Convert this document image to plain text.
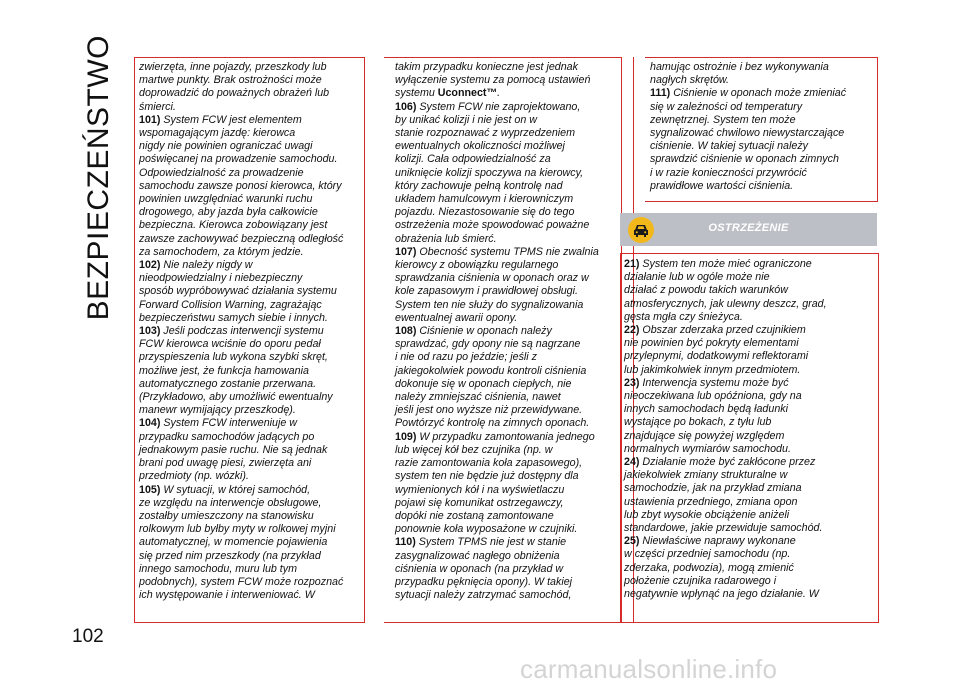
BEZPIECZEŃSTWO zwierzęta, inne pojazdy, przeszkody lub

martwe punkty. Brak ostrożności może

doprowadzić do poważnych obrażeń lub

śmierci.

101) System FCW jest elementem

wspomagającym jazdę: kierowca

nigdy nie powinien ograniczać uwagi

poświęcanej na prowadzenie samochodu.

Odpowiedzialność za prowadzenie

samochodu zawsze ponosi kierowca, który

powinien uwzględniać warunki ruchu

drogowego, aby jazda była całkowicie

bezpieczna. Kierowca zobowiązany jest

zawsze zachowywać bezpieczną odległość

za samochodem, za którym jedzie.

102) Nie należy nigdy w

nieodpowiedzialny i niebezpieczny

sposób wypróbowywać działania systemu

Forward Collision Warning, zagrażając

bezpieczeństwu samych siebie i innych.

103) Jeśli podczas interwencji systemu

FCW kierowca wciśnie do oporu pedał

przyspieszenia lub wykona szybki skręt,

możliwe jest, że funkcja hamowania

automatycznego zostanie przerwana.

(Przykładowo, aby umożliwić ewentualny

manewr wymijający przeszkodę).

104) System FCW interweniuje w

przypadku samochodów jadących po

jednakowym pasie ruchu. Nie są jednak

brani pod uwagę piesi, zwierzęta ani

przedmioty (np. wózki).

105) W sytuacji, w której samochód,

ze względu na interwencje obsługowe,

zostałby umieszczony na stanowisku

rolkowym lub byłby myty w rolkowej myjni

automatycznej, w momencie pojawienia

się przed nim przeszkody (na przykład

innego samochodu, muru lub tym

podobnych), system FCW może rozpoznać

ich występowanie i interweniować. W

takim przypadku konieczne jest jednak

wyłączenie systemu za pomocą ustawień

systemu Uconnect™.

106) System FCW nie zaprojektowano,

by unikać kolizji i nie jest on w

stanie rozpoznawać z wyprzedzeniem

ewentualnych okoliczności możliwej

kolizji. Cała odpowiedzialność za

uniknięcie kolizji spoczywa na kierowcy,

który zachowuje pełną kontrolę nad

układem hamulcowym i kierowniczym

pojazdu. Niezastosowanie się do tego

ostrzeżenia może spowodować poważne

obrażenia lub śmierć.

107) Obecność systemu TPMS nie zwalnia

kierowcy z obowiązku regularnego

sprawdzania ciśnienia w oponach oraz w

kole zapasowym i prawidłowej obsługi.

System ten nie służy do sygnalizowania

ewentualnej awarii opony.

108) Ciśnienie w oponach należy

sprawdzać, gdy opony nie są nagrzane

i nie od razu po jeździe; jeśli z

jakiegokolwiek powodu kontroli ciśnienia

dokonuje się w oponach ciepłych, nie

należy zmniejszać ciśnienia, nawet

jeśli jest ono wyższe niż przewidywane.

Powtórzyć kontrolę na zimnych oponach.

109) W przypadku zamontowania jednego

lub więcej kół bez czujnika (np. w

razie zamontowania koła zapasowego),

system ten nie będzie już dostępny dla

wymienionych kół i na wyświetlaczu

pojawi się komunikat ostrzegawczy,

dopóki nie zostaną zamontowane

ponownie koła wyposażone w czujniki.

110) System TPMS nie jest w stanie

zasygnalizować nagłego obniżenia

ciśnienia w oponach (na przykład w

przypadku pęknięcia opony). W takiej

sytuacji należy zatrzymać samochód,

hamując ostrożnie i bez wykonywania

nagłych skrętów.

111) Ciśnienie w oponach może zmieniać

się w zależności od temperatury

zewnętrznej. System ten może

sygnalizować chwilowo niewystarczające

ciśnienie. W takiej sytuacji należy

sprawdzić ciśnienie w oponach zimnych

i w razie konieczności przywrócić

prawidłowe wartości ciśnienia.

OSTRZEŻENIE

21) System ten może mieć ograniczone

działanie lub w ogóle może nie

działać z powodu takich warunków

atmosferycznych, jak ulewny deszcz, grad,

gęsta mgła czy śnieżyca.

22) Obszar zderzaka przed czujnikiem

nie powinien być pokryty elementami

przylepnymi, dodatkowymi reflektorami

lub jakimkolwiek innym przedmiotem.

23) Interwencja systemu może być

nieoczekiwana lub opóźniona, gdy na

innych samochodach będą ładunki

wystające po bokach, z tyłu lub

znajdujące się powyżej względem

normalnych wymiarów samochodu.

24) Działanie może być zakłócone przez

jakiekolwiek zmiany strukturalne w

samochodzie, jak na przykład zmiana

ustawienia przedniego, zmiana opon

lub zbyt wysokie obciążenie aniżeli

standardowe, jakie przewiduje samochód.

25) Niewłaściwe naprawy wykonane

w części przedniej samochodu (np.

zderzaka, podwozia), mogą zmienić

położenie czujnika radarowego i

negatywnie wpłynąć na jego działanie. W

102
carmanualsonline.info
